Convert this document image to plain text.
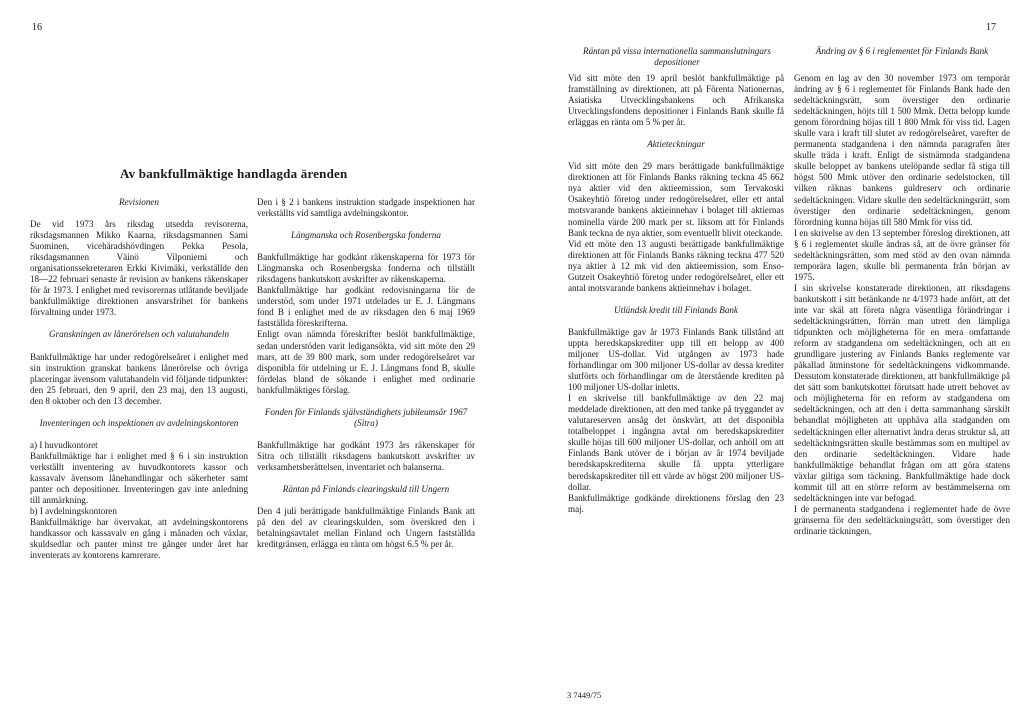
16
Av bankfullmäktige handlagda ärenden

Revisionen

De vid 1973 års riksdag utsedda revisorerna, riksdagsmannen Mikko Kaarna, riksdagsmannen Sami Suominen, vicehäradshövdingen Pekka Pesola, riksdagsmannen Väinö Vilponiemi och organisationssekreteraren Erkki Kivimäki, verkställde den 18—22 februari senaste år revision av bankens räkenskaper för år 1973. I enlighet med revisorernas utlåtande beviljade bankfullmäktige direktionen ansvarsfrihet för bankens förvaltning under 1973.

Granskningen av lånerörelsen och valutahandeln

Bankfullmäktige har under redogörelseåret i enlighet med sin instruktion granskat bankens lånerörelse och övriga placeringar ävensom valutahandeln vid följande tidpunkter: den 25 februari, den 9 april, den 23 maj, den 13 augusti, den 8 oktober och den 13 december.

Inventeringen och inspektionen av avdelningskontoren

a) I huvudkontoret

Bankfullmäktige har i enlighet med § 6 i sin instruktion verkställt inventering av huvudkontorets kassor och kassavalv ävensom lånehandlingar och säkerheter samt panter och depositioner. Inventeringen gav inte anledning till anmärkning.

b) I avdelningskontoren

Bankfullmäktige har övervakat, att avdelningskontorens handkassor och kassavalv en gång i månaden och växlar, skuldsedlar och panter minst tre gånger under året har inventerats av kontorens kamrerare.

Den i § 2 i bankens instruktion stadgade inspektionen har verkställts vid samtliga avdelningskontor.

Längmanska och Rosenbergska fonderna

Bankfullmäktige har godkänt räkenskaperna för 1973 för Längmanska och Rosenbergska fonderna och tillställt riksdagens bankutskott avskrifter av räkenskaperna.

Bankfullmäktige har godkänt redovisningarna för de understöd, som under 1971 utdelades ur E. J. Längmans fond B i enlighet med de av riksdagen den 6 maj 1969 fastställda föreskrifterna.

Enligt ovan nämnda föreskrifter beslöt bankfullmäktige, sedan understöden varit ledigansökta, vid sitt möte den 29 mars, att de 39 800 mark, som under redogörelseåret var disponibla för utdelning ur E. J. Längmans fond B, skulle fördelas bland de sökande i enlighet med ordinarie bankfullmäktiges förslag.

Fonden för Finlands självständighets jubileumsår 1967 (Sitra)

Bankfullmäktige har godkänt 1973 års räkenskaper för Sitra och tillställt riksdagens bankutskott avskrifter av verksamhetsberättelsen, inventariet och balanserna.

Räntan på Finlands clearingskuld till Ungern

Den 4 juli berättigade bankfullmäktige Finlands Bank att på den del av clearingskulden, som överskred den i betalningsavtalet mellan Finland och Ungern fastställda kreditgränsen, erlägga en ränta om högst 6.5 % per år.

17
Räntan på vissa internationella sammanslutningars depositioner
Ändring av § 6 i reglementet för Finlands Bank

Vid sitt möte den 19 april beslöt bankfullmäktige på framställning av direktionen, att på Förenta Nationernas, Asiatiska Utvecklingsbankens och Afrikanska Utvecklingsfondens depositioner i Finlands Bank skulle få erläggas en ränta om 5 % per år.

Aktieteckningar

Vid sitt möte den 29 mars berättigade bankfullmäktige direktionen att för Finlands Banks räkning teckna 45 662 nya aktier vid den aktieemission, som Tervakoski Osakeyhtiö företog under redogörelseåret, eller ett antal motsvarande bankens aktieinnehav i bolaget till aktiernas nominella värde 200 mark per st. liksom att för Finlands Bank teckna de nya aktier, som eventuellt blivit oteckande.

Vid ett möte den 13 augusti berättigade bankfullmäktige direktionen att för Finlands Banks räkning teckna 477 520 nya aktier à 12 mk vid den aktieemission, som Enso-Gutzeit Osakeyhtiö företog under redogörelseåret, eller ett antal motsvarande bankens aktieinnehav i bolaget.

Utländsk kredit till Finlands Bank

Bankfullmäktige gav år 1973 Finlands Bank tillstånd att uppta beredskapskrediter upp till ett belopp av 400 miljoner US-dollar. Vid utgången av 1973 hade förhandlingar om 300 miljoner US-dollar av dessa krediter slutförts och förhandlingar om de återstående krediten på 100 miljoner US-dollar inletts.

I en skrivelse till bankfullmäktige av den 22 maj meddelade direktionen, att den med tanke på tryggandet av valutareserven ansåg det önskvärt, att det disponibla totalbeloppet i ingångna avtal om beredskapskrediter skulle höjas till 600 miljoner US-dollar, och anhöll om att Finlands Bank utöver de i början av år 1974 beviljade beredskapskrediterna skulle få uppta ytterligare beredskapskrediter till ett värde av högst 200 miljoner US-dollar.

Bankfullmäktige godkände direktionens förslag den 23 maj.

Genom en lag av den 30 november 1973 om temporär ändring av § 6 i reglementet för Finlands Bank hade den sedeltäckningsrätt, som överstiger den ordinarie sedeltäckningen, höjts till 1 500 Mmk. Detta belopp kunde genom förordning höjas till 1 800 Mmk för viss tid. Lagen skulle vara i kraft till slutet av redogörelseåret, varefter de permanenta stadgandena i den nämnda paragrafen åter skulle träda i kraft. Enligt de sistnämnda stadgandena skulle beloppet av bankens utelöpande sedlar få stiga till högst 500 Mmk utöver den ordinarie sedelstocken, till vilken räknas bankens guldreserv och ordinarie sedeltäckningen. Vidare skulle den sedeltäckningsrätt, som överstiger den ordinarie sedeltäckningen, genom förordning kunna höjas till 580 Mmk för viss tid.

I en skrivelse av den 13 september föreslog direktionen, att § 6 i reglementet skulle ändras så, att de övre gränser för sedeltäckningsrätten, som med stöd av den ovan nämnda temporära lagen, skulle bli permanenta från början av 1975.

I sin skrivelse konstaterade direktionen, att riksdagens bankutskott i sitt betänkande nr 4/1973 hade anfört, att det inte var skäl att företa några väsentliga förändringar i sedeltäckningsrätten, förrän man utrett den lämpliga tidpunkten och möjligheterna för en mera omfattande reform av stadgandena om sedeltäckningen, och att en grundligare justering av Finlands Banks reglemente var påkallad åtminstone för sedeltäckningens vidkommande. Dessutom konstaterade direktionen, att bankfullmäktige på det sätt som bankutskottet förutsatt hade utrett behovet av och möjligheterna för en reform av stadgandena om sedeltäckningen, och att den i detta sammanhang särskilt behandlat möjligheten att upphäva alla stadganden om sedeltäckningen eller alternativt ändra deras struktur så, att sedeltäckningsrätten skulle bestämmas som en multipel av den ordinarie sedeltäckningen. Vidare hade bankfullmäktige behandlat frågan om att göra statens växlar giltiga som täckning. Bankfullmäktige hade dock kommit till att en större reform av bestämmelserna om sedeltäckningen inte var befogad.

I de permanenta stadgandena i reglementet hade de övre gränserna för den sedeltäckningsrätt, som överstiger den ordinarie täckningen,

3 7449/75
